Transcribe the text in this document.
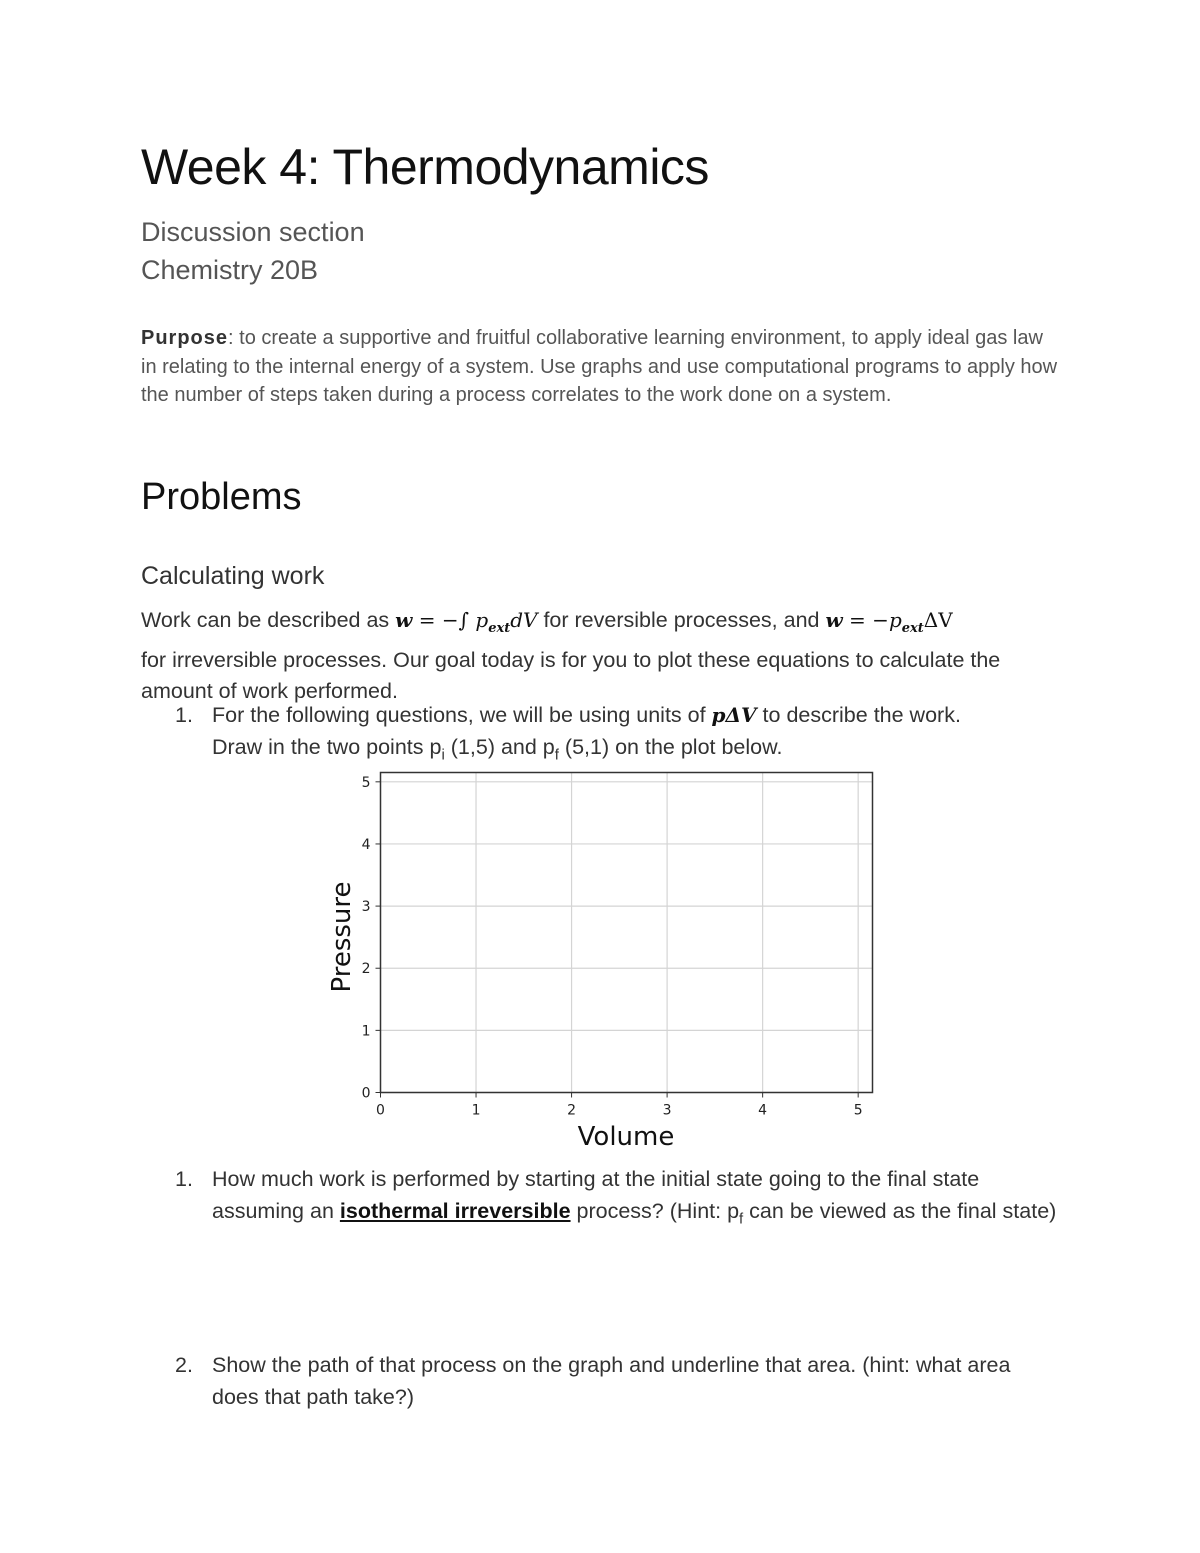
Week 4: Thermodynamics
Discussion section
Chemistry 20B
Purpose: to create a supportive and fruitful collaborative learning environment, to apply ideal gas law in relating to the internal energy of a system. Use graphs and use computational programs to apply how the number of steps taken during a process correlates to the work done on a system.
Problems
Calculating work
Work can be described as w = −∫ $p_{ext}dV$ for reversible processes, and $w = -p_{ext}\Delta V$
for irreversible processes. Our goal today is for you to plot these equations to calculate the amount of work performed.
1. For the following questions, we will be using units of pΔV to describe the work.
Draw in the two points $p_i$ (1,5) and $p_f$ (5,1) on the plot below.
0	1	2	3	4	5
0
1
2
3
4
5
Volume
Pressure
1. How much work is performed by starting at the initial state going to the final state assuming an isothermal irreversible process? (Hint: $p_f$ can be viewed as the final state)
2. Show the path of that process on the graph and underline that area. (hint: what area does that path take?)
